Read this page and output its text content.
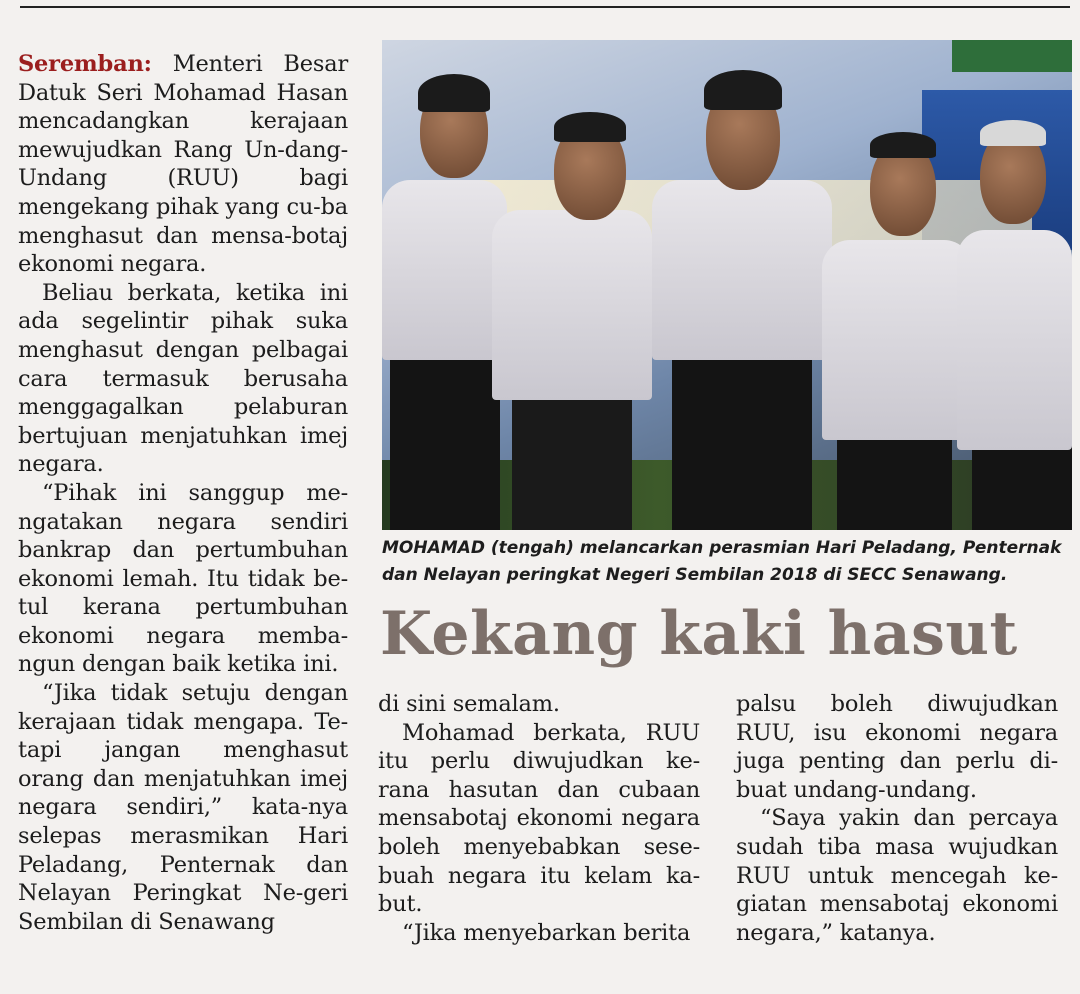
Seremban: Menteri Besar Datuk Seri Mohamad Hasan mencadangkan kerajaan mewujudkan Rang Un-dang-Undang (RUU) bagi mengekang pihak yang cu-ba menghasut dan mensa-botaj ekonomi negara.

Beliau berkata, ketika ini ada segelintir pihak suka menghasut dengan pelbagai cara termasuk berusaha menggagalkan pelaburan bertujuan menjatuhkan imej negara.

“Pihak ini sanggup me-ngatakan negara sendiri bankrap dan pertumbuhan ekonomi lemah. Itu tidak be-tul kerana pertumbuhan ekonomi negara memba-ngun dengan baik ketika ini.

“Jika tidak setuju dengan kerajaan tidak mengapa. Te-tapi jangan menghasut orang dan menjatuhkan imej negara sendiri,” kata-nya selepas merasmikan Hari Peladang, Penternak dan Nelayan Peringkat Ne-geri Sembilan di Senawang

MOHAMAD (tengah) melancarkan perasmian Hari Peladang, Penternak dan Nelayan peringkat Negeri Sembilan 2018 di SECC Senawang.
Kekang kaki hasut

di sini semalam.

Mohamad berkata, RUU itu perlu diwujudkan ke-rana hasutan dan cubaan mensabotaj ekonomi negara boleh menyebabkan sese-buah negara itu kelam ka-but.

“Jika menyebarkan berita

palsu boleh diwujudkan RUU, isu ekonomi negara juga penting dan perlu di-buat undang-undang.

“Saya yakin dan percaya sudah tiba masa wujudkan RUU untuk mencegah ke-giatan mensabotaj ekonomi negara,” katanya.
